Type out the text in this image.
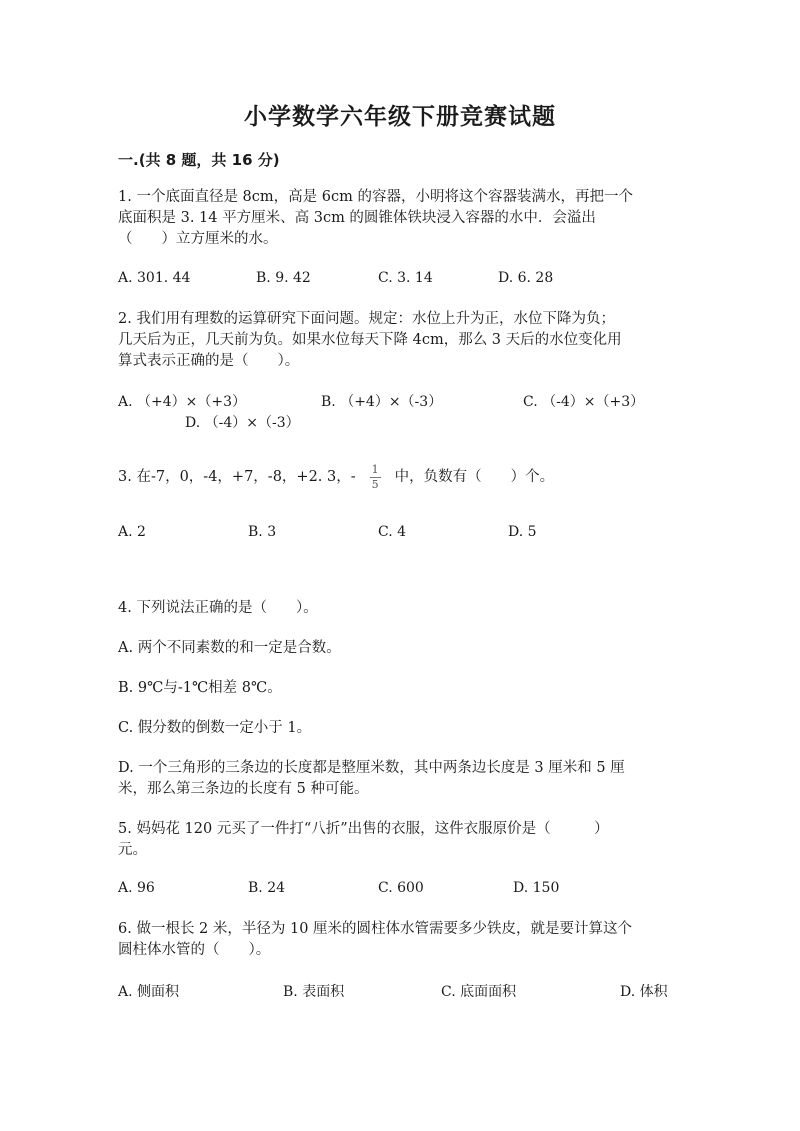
小学数学六年级下册竞赛试题
一.(共 8 题，共 16 分)
1. 一个底面直径是 8cm，高是 6cm 的容器，小明将这个容器装满水，再把一个
底面积是 3. 14 平方厘米、高 3cm 的圆锥体铁块浸入容器的水中．会溢出
（　　）立方厘米的水。
A. 301. 44	B. 9. 42	C. 3. 14	D. 6. 28
2. 我们用有理数的运算研究下面问题。规定：水位上升为正，水位下降为负；
几天后为正，几天前为负。如果水位每天下降 4cm，那么 3 天后的水位变化用
算式表示正确的是（　　）。
A. （+4）×（+3）	B. （+4）×（-3）	C. （-4）×（+3）
D. （-4）×（-3）
3. 在-7，0，-4，+7，-8，+2. 3，- $\frac{1}{5}$ 中，负数有（　　）个。
A. 2	B. 3	C. 4	D. 5
4. 下列说法正确的是（　　）。
A. 两个不同素数的和一定是合数。
B. 9℃与-1℃相差 8℃。
C. 假分数的倒数一定小于 1。
D. 一个三角形的三条边的长度都是整厘米数，其中两条边长度是 3 厘米和 5 厘
米，那么第三条边的长度有 5 种可能。
5. 妈妈花 120 元买了一件打“八折”出售的衣服，这件衣服原价是（　　　）
元。
A. 96	B. 24	C. 600	D. 150
6. 做一根长 2 米，半径为 10 厘米的圆柱体水管需要多少铁皮，就是要计算这个
圆柱体水管的（　　）。
A. 侧面积	B. 表面积	C. 底面面积	D. 体积
